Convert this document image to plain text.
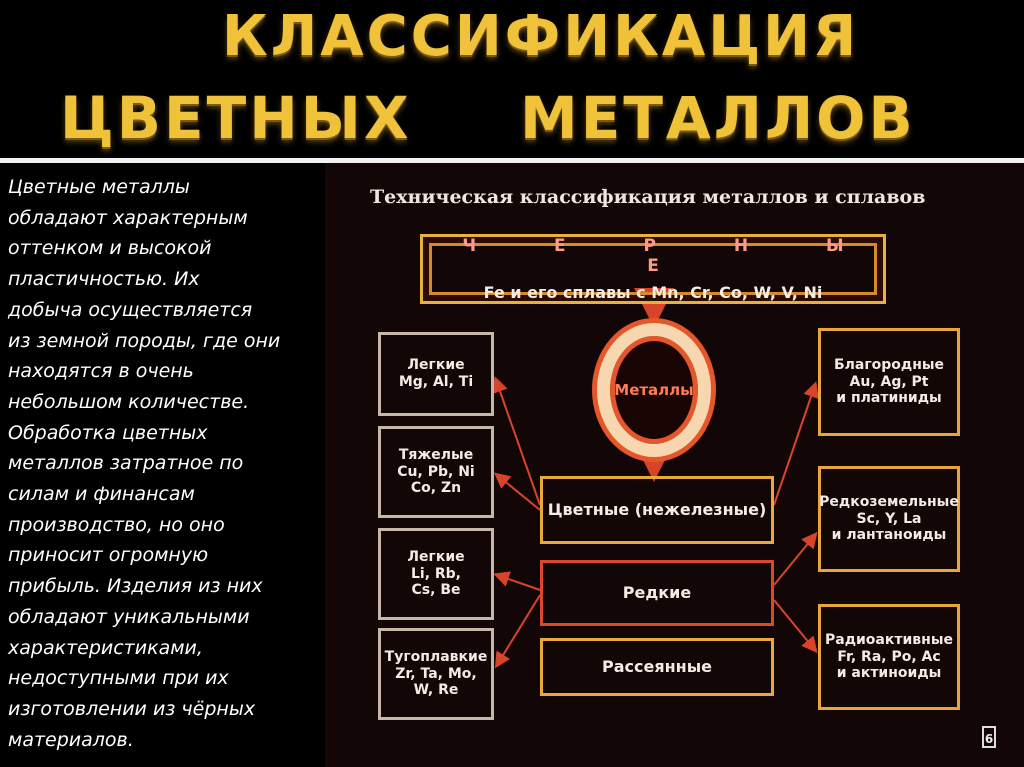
КЛАССИФИКАЦИЯ
ЦВЕТНЫХ МЕТАЛЛОВ
Цветные металлы
обладают характерным
оттенком и высокой
пластичностью. Их
добыча осуществляется
из земной породы, где они
находятся в очень
небольшом количестве.
Обработка цветных
металлов затратное по
силам и финансам
производство, но оно
приносит огромную
прибыль. Изделия из них
обладают уникальными
характеристиками,
недоступными при их
изготовлении из чёрных
материалов.
Техническая классификация металлов и сплавов
Ч Е Р Н Ы Е
Fe и его сплавы с Mn, Cr, Co, W, V, Ni
Металлы
Цветные (нежелезные)
Редкие
Рассеянные
Легкие
Mg, Al, Ti
Тяжелые
Cu, Pb, Ni
Co, Zn
Легкие
Li, Rb,
Cs, Be
Тугоплавкие
Zr, Ta, Mo,
W, Re
Благородные
Au, Ag, Pt
и платиниды
Редкоземельные
Sc, Y, La
и лантаноиды
Радиоактивные
Fr, Ra, Po, Ac
и актиноиды
6
